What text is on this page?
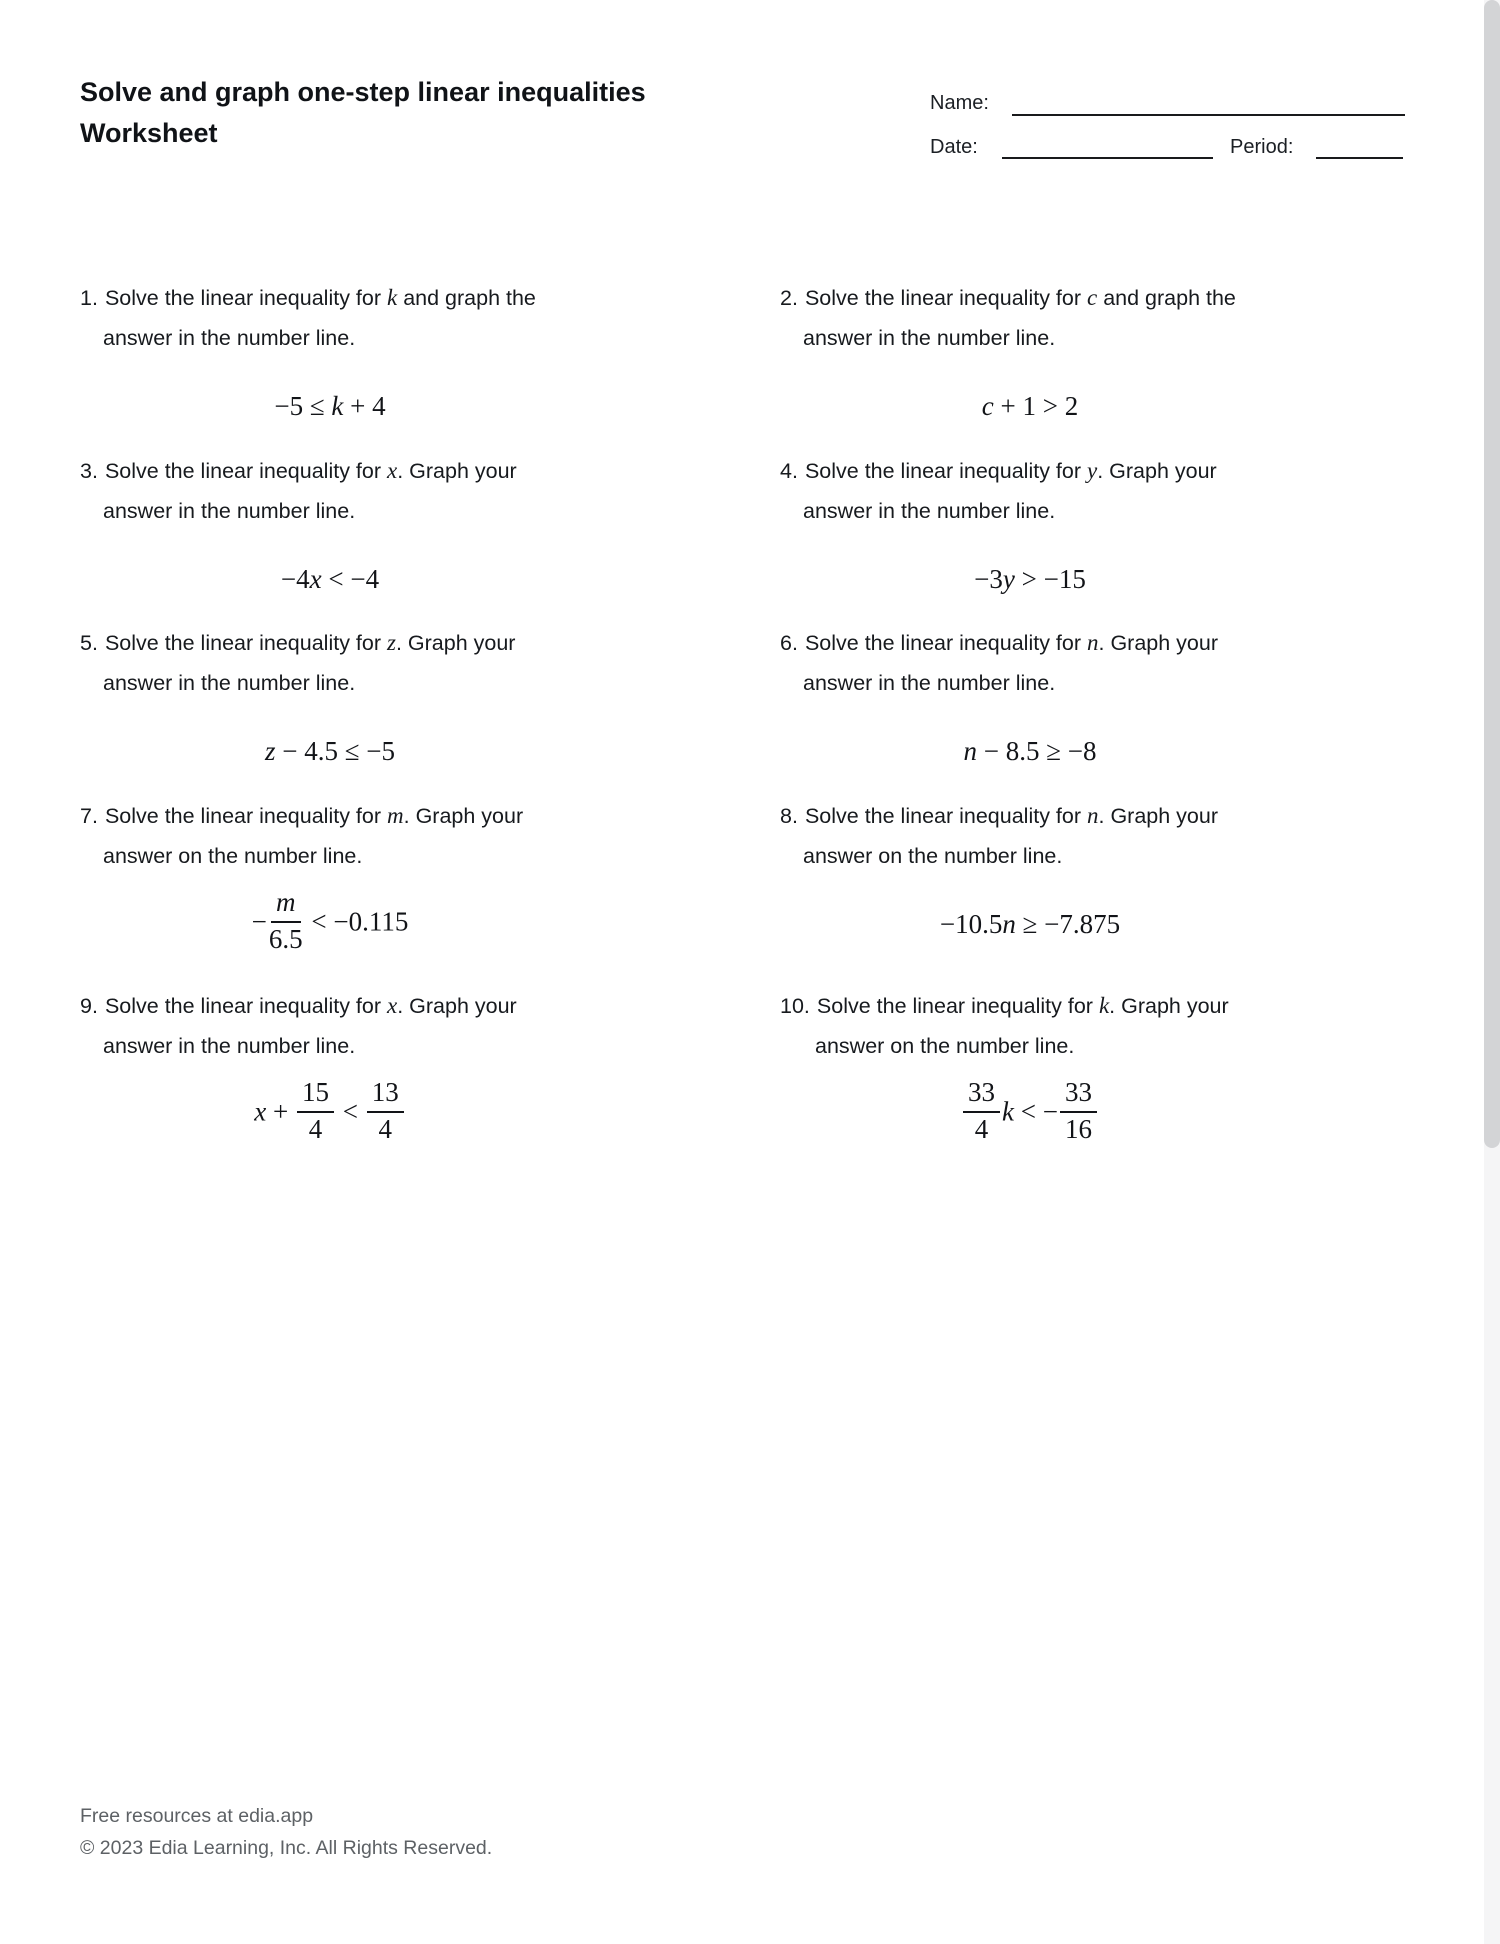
Solve and graph one-step linear inequalities
Worksheet
Name:
Date:	Period:
1. Solve the linear inequality for k and graph the
answer in the number line.
−5 ≤ k + 4
2. Solve the linear inequality for c and graph the
answer in the number line.
c + 1 > 2
3. Solve the linear inequality for x. Graph your
answer in the number line.
−4x < −4
4. Solve the linear inequality for y. Graph your
answer in the number line.
−3y > −15
5. Solve the linear inequality for z. Graph your
answer in the number line.
z − 4.5 ≤ −5
6. Solve the linear inequality for n. Graph your
answer in the number line.
n − 8.5 ≥ −8
7. Solve the linear inequality for m. Graph your
answer on the number line.
− $\frac{m}{6.5} < -0.115$
8. Solve the linear inequality for n. Graph your
answer on the number line.
−10.5n ≥ −7.875
9. Solve the linear inequality for x. Graph your
answer in the number line.
$x + \frac{15}{4} < \frac{13}{4}$
10. Solve the linear inequality for k. Graph your
answer on the number line.
$\frac{33}{4}$ k < − $\frac{33}{16}$
Free resources at edia.app
© 2023 Edia Learning, Inc. All Rights Reserved.
